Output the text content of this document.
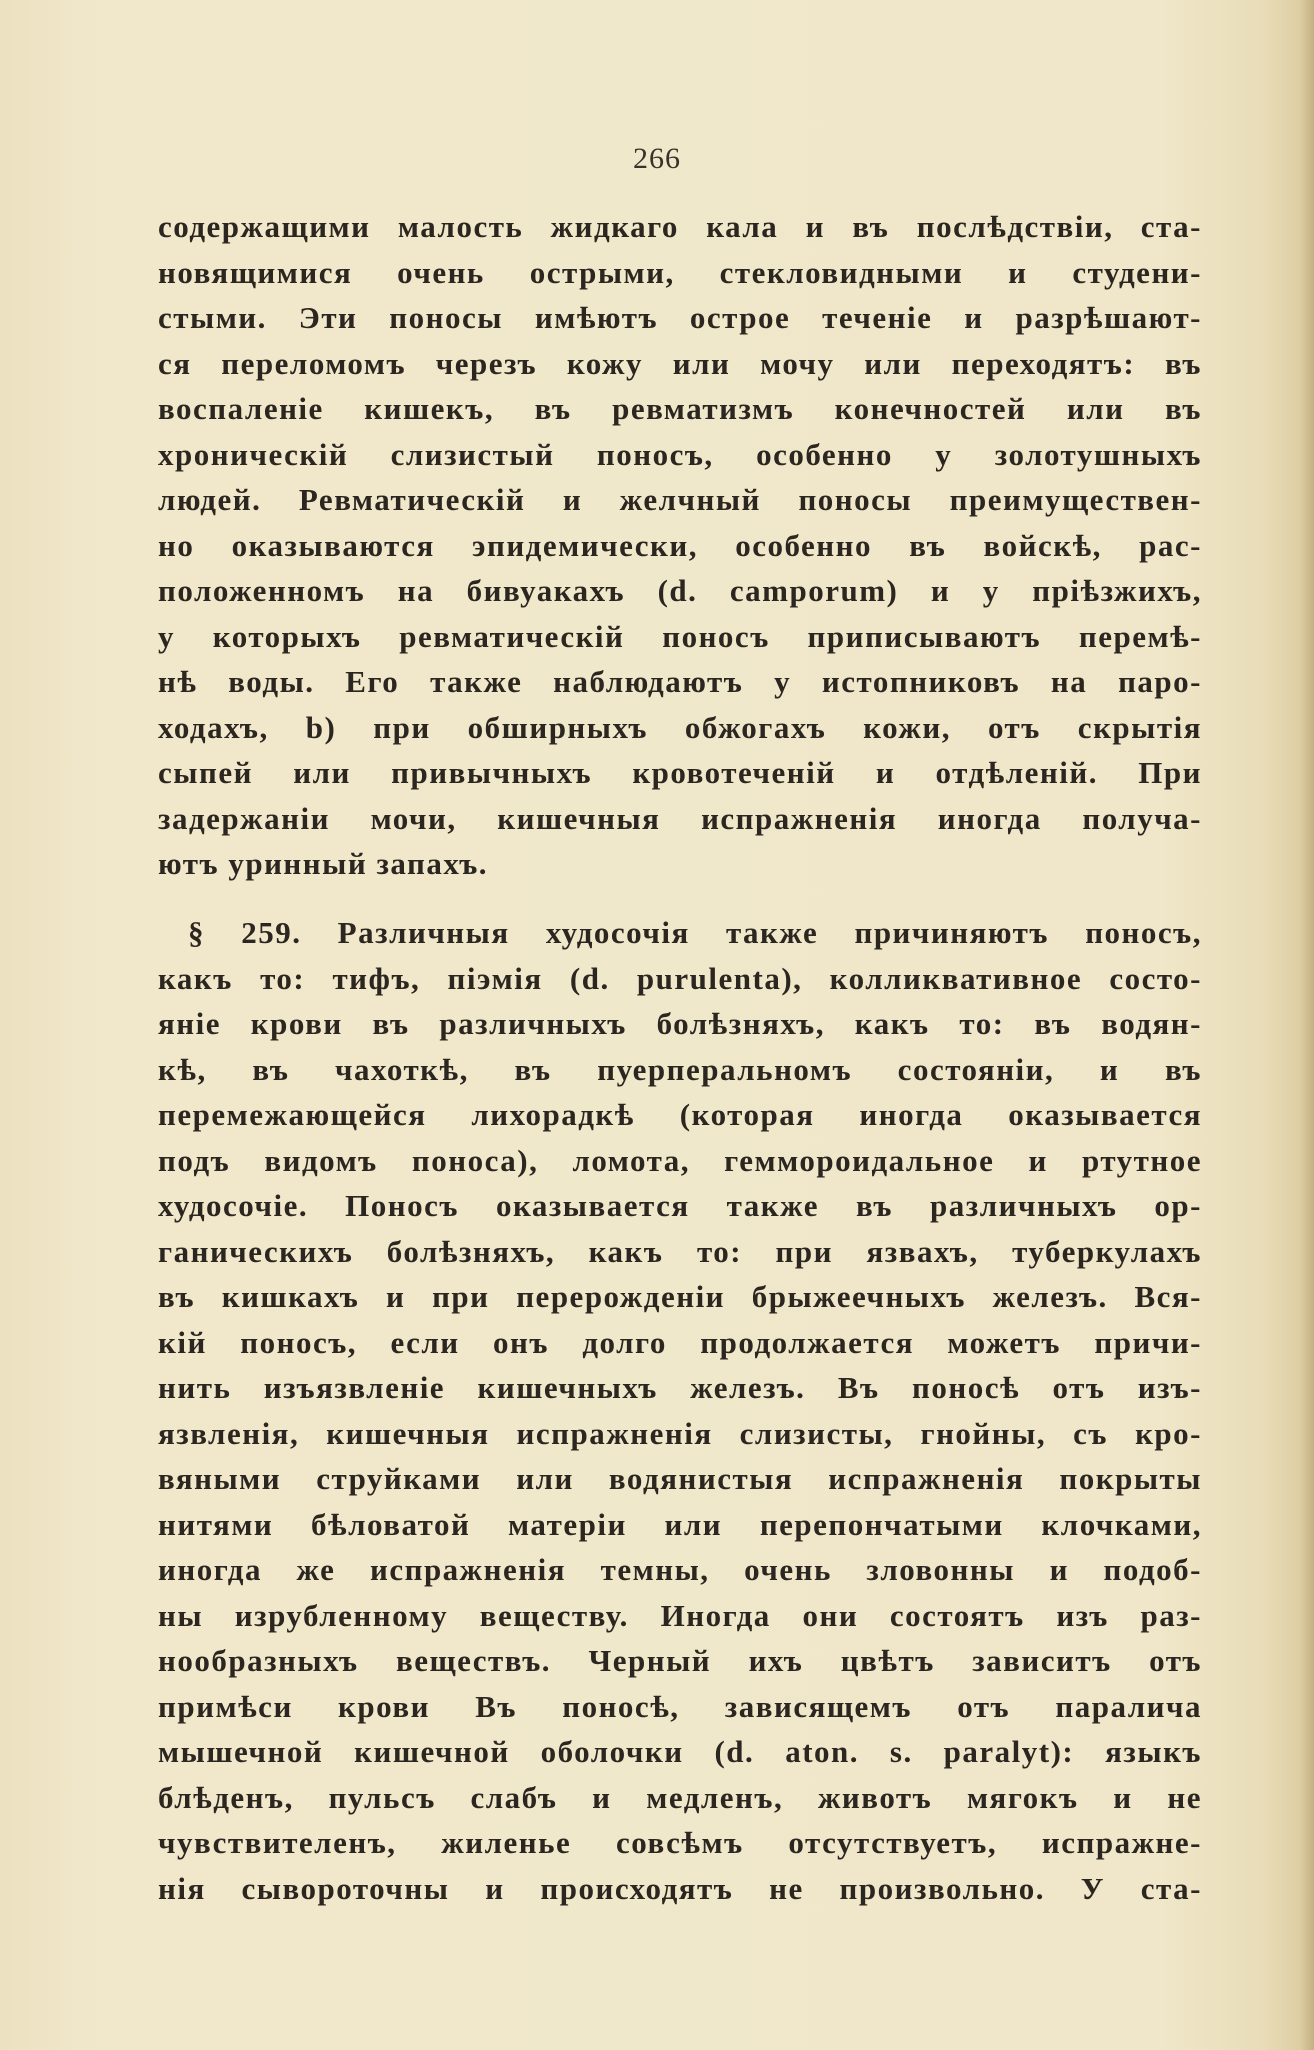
266
содержащими малость жидкаго кала и въ послѣдствіи, ста-
новящимися очень острыми, стекловидными и студени-
стыми. Эти поносы имѣютъ острое теченіе и разрѣшают-
ся переломомъ черезъ кожу или мочу или переходятъ: въ
воспаленіе кишекъ, въ ревматизмъ конечностей или въ
хроническій слизистый поносъ, особенно у золотушныхъ
людей. Ревматическій и желчный поносы преимуществен-
но оказываются эпидемически, особенно въ войскѣ, рас-
положенномъ на бивуакахъ (d. camporum) и у пріѣзжихъ,
у которыхъ ревматическій поносъ приписываютъ перемѣ-
нѣ воды. Его также наблюдаютъ у истопниковъ на паро-
ходахъ, b) при обширныхъ обжогахъ кожи, отъ скрытія
сыпей или привычныхъ кровотеченій и отдѣленій. При
задержаніи мочи, кишечныя испражненія иногда получа-
ютъ уринный запахъ.
§ 259. Различныя худосочія также причиняютъ поносъ,
какъ то: тифъ, піэмія (d. purulenta), колликвативное состо-
яніе крови въ различныхъ болѣзняхъ, какъ то: въ водян-
кѣ, въ чахоткѣ, въ пуерперальномъ состояніи, и въ
перемежающейся лихорадкѣ (которая иногда оказывается
подъ видомъ поноса), ломота, геммороидальное и ртутное
худосочіе. Поносъ оказывается также въ различныхъ ор-
ганическихъ болѣзняхъ, какъ то: при язвахъ, туберкулахъ
въ кишкахъ и при перерожденіи брыжеечныхъ железъ. Вся-
кій поносъ, если онъ долго продолжается можетъ причи-
нить изъязвленіе кишечныхъ железъ. Въ поносѣ отъ изъ-
язвленія, кишечныя испражненія слизисты, гнойны, съ кро-
вяными струйками или водянистыя испражненія покрыты
нитями бѣловатой матеріи или перепончатыми клочками,
иногда же испражненія темны, очень зловонны и подоб-
ны изрубленному веществу. Иногда они состоятъ изъ раз-
нообразныхъ веществъ. Черный ихъ цвѣтъ зависитъ отъ
примѣси крови Въ поносѣ, зависящемъ отъ паралича
мышечной кишечной оболочки (d. aton. s. paralyt): языкъ
блѣденъ, пульсъ слабъ и медленъ, животъ мягокъ и не
чувствителенъ, жиленье совсѣмъ отсутствуетъ, испражне-
нія сывороточны и происходятъ не произвольно. У ста-
